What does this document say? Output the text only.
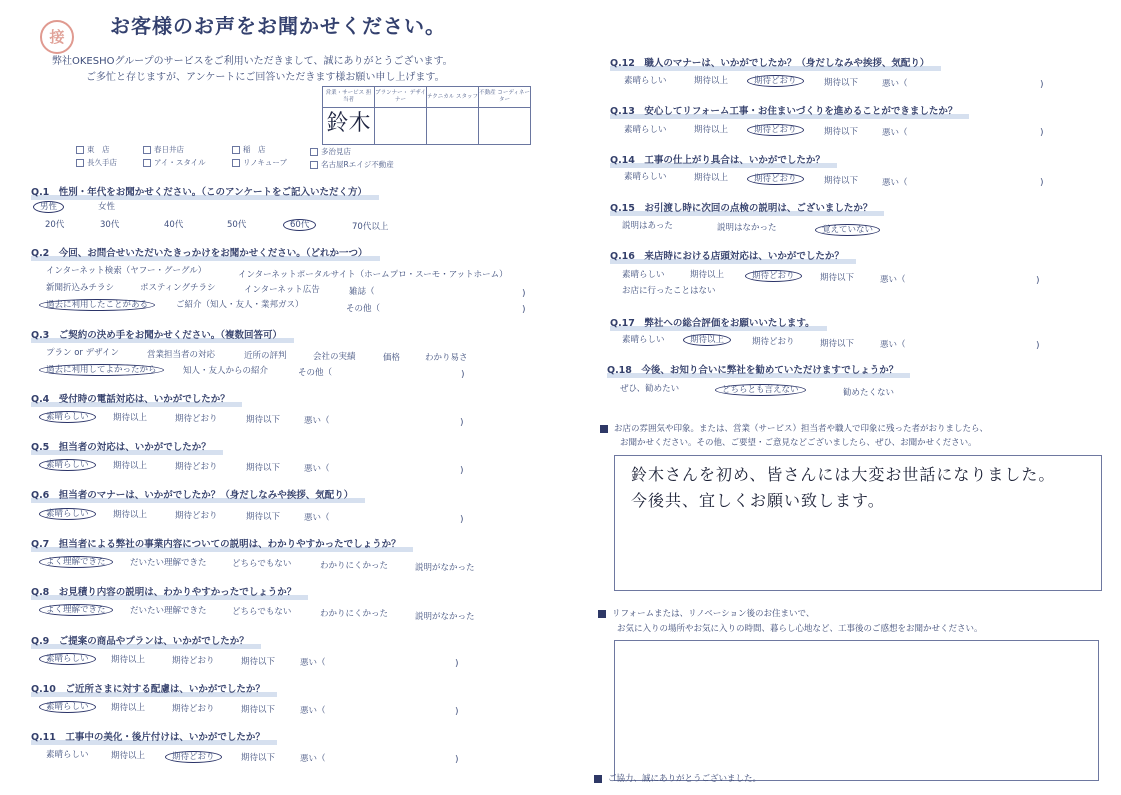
接	お客様のお声をお聞かせください。
弊社OKESHOグループのサービスをご利用いただきまして、誠にありがとうございます。
ご多忙と存じますが、アンケートにご回答いただきます様お願い申し上げます。
営業・サービス 担当者	プランナー・ デザイナー	テクニカル スタッフ	不動産 コーディネーター
鈴木			
東　店	春日井店	稲　店	多治見店
長久手店	アイ・スタイル	リノキューブ	名古屋Rエイジ不動産
Q.1　性別・年代をお聞かせください。（このアンケートをご記入いただく方）
男性	女性
20代	30代	40代	50代	60代	70代以上
Q.2　今回、お問合せいただいたきっかけをお聞かせください。（どれか一つ）
インターネット検索（ヤフー・グーグル）	インターネットポータルサイト（ホームプロ・スーモ・アットホーム）
新聞折込みチラシ	ポスティングチラシ	インターネット広告	雑誌（	)
過去に利用したことがある	ご紹介（知人・友人・業邦ガス）	その他（	)
Q.3　ご契約の決め手をお聞かせください。（複数回答可）
プラン or デザイン	営業担当者の対応	近所の評判	会社の実績	価格	わかり易さ
過去に利用してよかったから	知人・友人からの紹介	その他（	)
Q.4　受付時の電話対応は、いかがでしたか？
素晴らしい	期待以上	期待どおり	期待以下	悪い（	)
Q.5　担当者の対応は、いかがでしたか？
素晴らしい	期待以上	期待どおり	期待以下	悪い（	)
Q.6　担当者のマナーは、いかがでしたか？（身だしなみや挨拶、気配り）
素晴らしい	期待以上	期待どおり	期待以下	悪い（	)
Q.7　担当者による弊社の事業内容についての説明は、わかりやすかったでしょうか？
よく理解できた	だいたい理解できた	どちらでもない	わかりにくかった	説明がなかった
Q.8　お見積り内容の説明は、わかりやすかったでしょうか？
よく理解できた	だいたい理解できた	どちらでもない	わかりにくかった	説明がなかった
Q.9　ご提案の商品やプランは、いかがでしたか？
素晴らしい	期待以上	期待どおり	期待以下	悪い（	)
Q.10　ご近所さまに対する配慮は、いかがでしたか？
素晴らしい	期待以上	期待どおり	期待以下	悪い（	)
Q.11　工事中の美化・後片付けは、いかがでしたか？
素晴らしい	期待以上	期待どおり	期待以下	悪い（	)
Q.12　職人のマナーは、いかがでしたか？（身だしなみや挨拶、気配り）
素晴らしい	期待以上	期待どおり	期待以下	悪い（	)
Q.13　安心してリフォーム工事・お住まいづくりを進めることができましたか？
素晴らしい	期待以上	期待どおり	期待以下	悪い（	)
Q.14　工事の仕上がり具合は、いかがでしたか？
素晴らしい	期待以上	期待どおり	期待以下	悪い（	)
Q.15　お引渡し時に次回の点検の説明は、ございましたか？
説明はあった	説明はなかった	覚えていない
Q.16　来店時における店頭対応は、いかがでしたか？
素晴らしい	期待以上	期待どおり	期待以下	悪い（	)
お店に行ったことはない
Q.17　弊社への総合評価をお願いいたします。
素晴らしい	期待以上	期待どおり	期待以下	悪い（	)
Q.18　今後、お知り合いに弊社を勧めていただけますでしょうか？
ぜひ、勧めたい	どちらとも言えない	勧めたくない
お店の雰囲気や印象。または、営業（サービス）担当者や職人で印象に残った者がおりましたら、
お聞かせください。その他、ご要望・ご意見などございましたら、ぜひ、お聞かせください。
鈴木さんを初め、皆さんには大変お世話になりました。
今後共、宜しくお願い致します。
リフォームまたは、リノベーション後のお住まいで、
お気に入りの場所やお気に入りの時間、暮らし心地など、工事後のご感想をお聞かせください。
ご協力、誠にありがとうございました。
